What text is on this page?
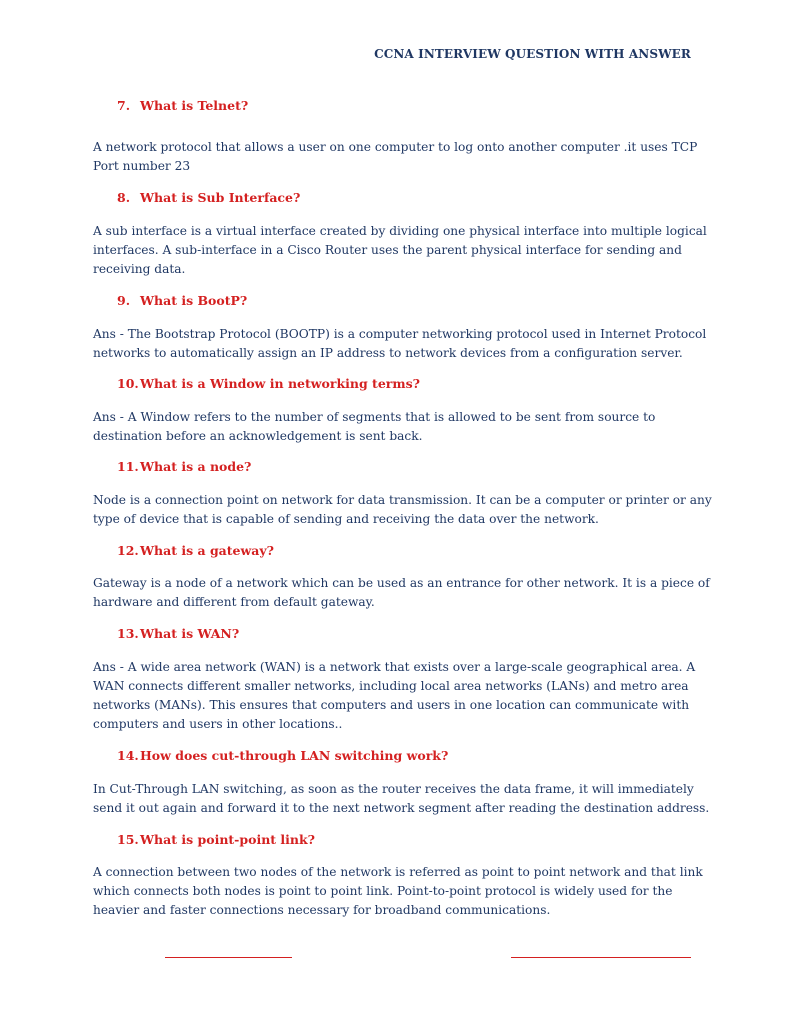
CCNA INTERVIEW QUESTION WITH ANSWER
7. What is Telnet?
A network protocol that allows a user on one computer to log onto another computer .it uses TCP
Port number 23
8. What is Sub Interface?
A sub interface is a virtual interface created by dividing one physical interface into multiple logical
interfaces. A sub-interface in a Cisco Router uses the parent physical interface for sending and
receiving data.
9. What is BootP?
Ans - The Bootstrap Protocol (BOOTP) is a computer networking protocol used in Internet Protocol
networks to automatically assign an IP address to network devices from a configuration server.
10.What is a Window in networking terms?
Ans - A Window refers to the number of segments that is allowed to be sent from source to
destination before an acknowledgement is sent back.
11.What is a node?
Node is a connection point on network for data transmission. It can be a computer or printer or any
type of device that is capable of sending and receiving the data over the network.
12.What is a gateway?
Gateway is a node of a network which can be used as an entrance for other network. It is a piece of
hardware and different from default gateway.
13.What is WAN?
Ans - A wide area network (WAN) is a network that exists over a large-scale geographical area. A
WAN connects different smaller networks, including local area networks (LANs) and metro area
networks (MANs). This ensures that computers and users in one location can communicate with
computers and users in other locations..
14.How does cut-through LAN switching work?
In Cut-Through LAN switching, as soon as the router receives the data frame, it will immediately
send it out again and forward it to the next network segment after reading the destination address.
15.What is point-point link?
A connection between two nodes of the network is referred as point to point network and that link
which connects both nodes is point to point link. Point-to-point protocol is widely used for the
heavier and faster connections necessary for broadband communications.
